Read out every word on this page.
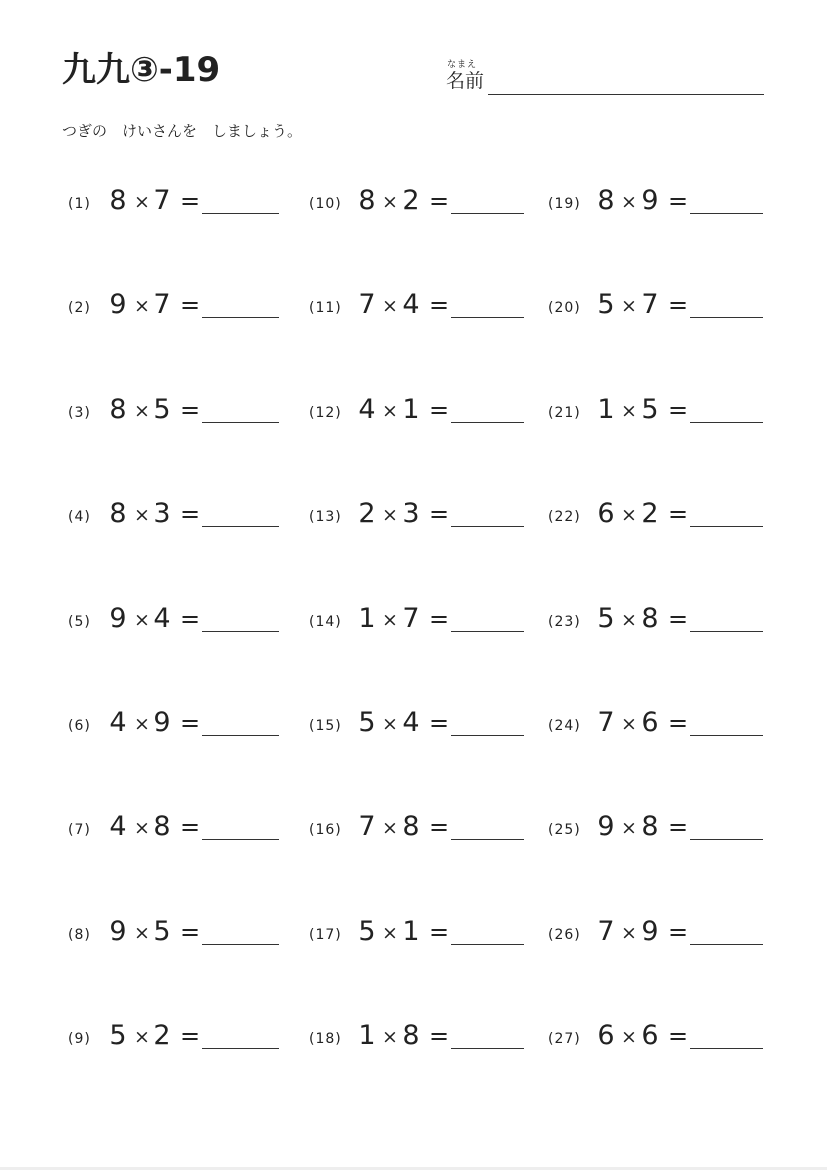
九九③-19	なまえ
名前
つぎの　けいさんを　しましょう。
(1) 8 × 7 =
(2) 9 × 7 =
(3) 8 × 5 =
(4) 8 × 3 =
(5) 9 × 4 =
(6) 4 × 9 =
(7) 4 × 8 =
(8) 9 × 5 =
(9) 5 × 2 =
(10) 8 × 2 =
(11) 7 × 4 =
(12) 4 × 1 =
(13) 2 × 3 =
(14) 1 × 7 =
(15) 5 × 4 =
(16) 7 × 8 =
(17) 5 × 1 =
(18) 1 × 8 =
(19) 8 × 9 =
(20) 5 × 7 =
(21) 1 × 5 =
(22) 6 × 2 =
(23) 5 × 8 =
(24) 7 × 6 =
(25) 9 × 8 =
(26) 7 × 9 =
(27) 6 × 6 =
